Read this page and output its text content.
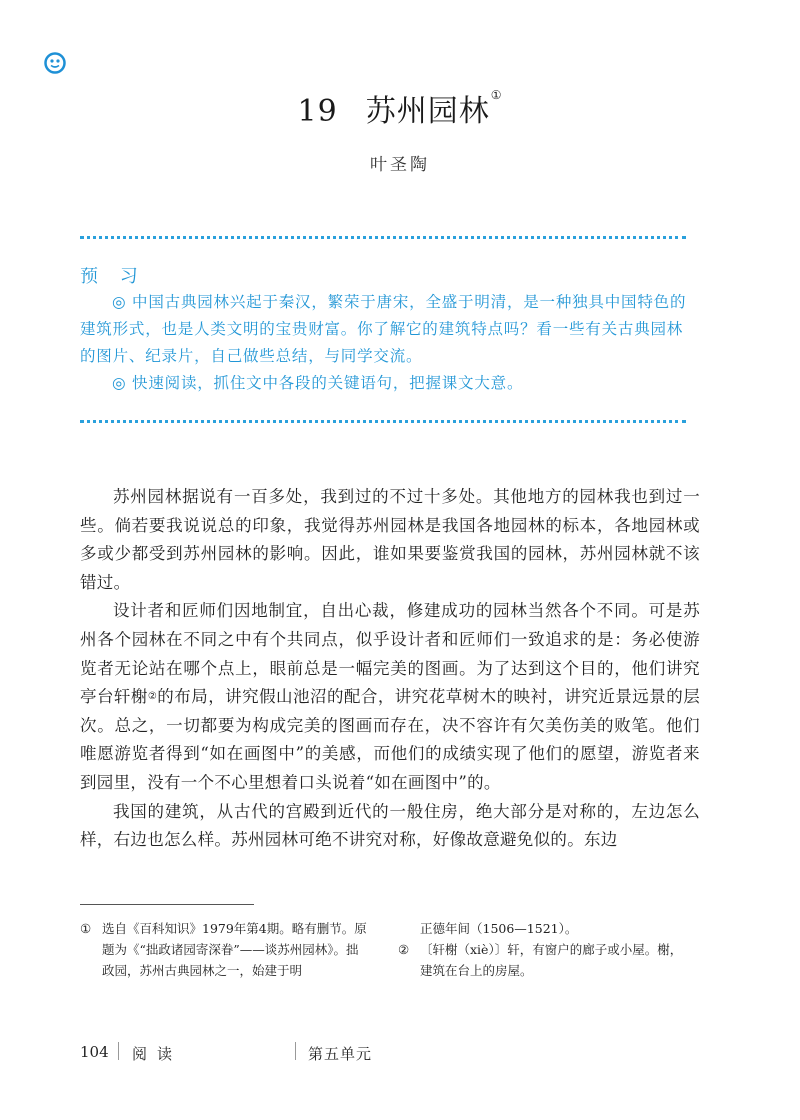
19 苏州园林①
叶圣陶
预 习
◎ 中国古典园林兴起于秦汉，繁荣于唐宋，全盛于明清，是一种独具中国特色的建筑形式，也是人类文明的宝贵财富。你了解它的建筑特点吗？看一些有关古典园林的图片、纪录片，自己做些总结，与同学交流。
◎ 快速阅读，抓住文中各段的关键语句，把握课文大意。

苏州园林据说有一百多处，我到过的不过十多处。其他地方的园林我也到过一些。倘若要我说说总的印象，我觉得苏州园林是我国各地园林的标本，各地园林或多或少都受到苏州园林的影响。因此，谁如果要鉴赏我国的园林，苏州园林就不该错过。

设计者和匠师们因地制宜，自出心裁，修建成功的园林当然各个不同。可是苏州各个园林在不同之中有个共同点，似乎设计者和匠师们一致追求的是：务必使游览者无论站在哪个点上，眼前总是一幅完美的图画。为了达到这个目的，他们讲究亭台轩榭②的布局，讲究假山池沼的配合，讲究花草树木的映衬，讲究近景远景的层次。总之，一切都要为构成完美的图画而存在，决不容许有欠美伤美的败笔。他们唯愿游览者得到“如在画图中”的美感，而他们的成绩实现了他们的愿望，游览者来到园里，没有一个不心里想着口头说着“如在画图中”的。

我国的建筑，从古代的宫殿到近代的一般住房，绝大部分是对称的，左边怎么样，右边也怎么样。苏州园林可绝不讲究对称，好像故意避免似的。东边

① 选自《百科知识》1979年第4期。略有删节。原题为《“拙政诸园寄深眷”——谈苏州园林》。拙政园，苏州古典园林之一，始建于明
正德年间（1506—1521）。
② 〔轩榭（xiè）〕轩，有窗户的廊子或小屋。榭，建筑在台上的房屋。
104 阅读	第五单元
